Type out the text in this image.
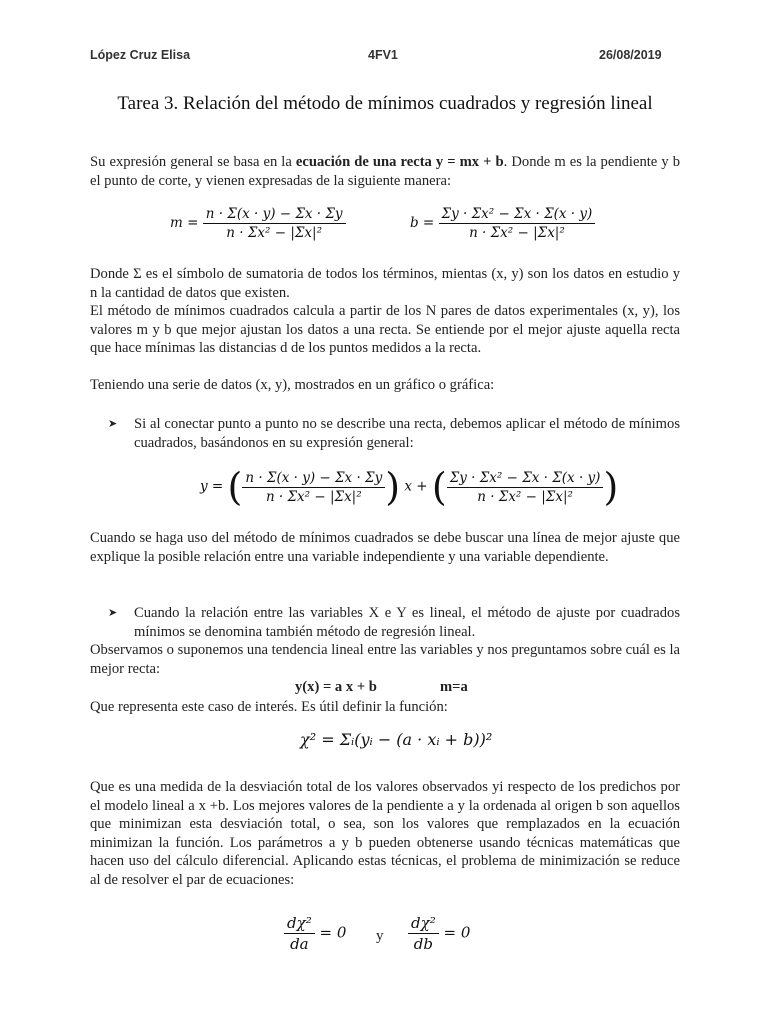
López Cruz Elisa	4FV1	26/08/2019
Tarea 3. Relación del método de mínimos cuadrados y regresión lineal
Su expresión general se basa en la ecuación de una recta y = mx + b. Donde m es la pendiente y b el punto de corte, y vienen expresadas de la siguiente manera:
$m = \frac{n \cdot \Sigma(x \cdot y) - \Sigma x \cdot \Sigma y}{\text{n · Σx² − |Σx|²}}$	$b = \frac{\text{Σy · Σx² − Σx · Σ(x · y)}}{\text{n · Σx² − |Σx|²}}$
Donde Σ es el símbolo de sumatoria de todos los términos, mientas (x, y) son los datos en estudio y n la cantidad de datos que existen.
El método de mínimos cuadrados calcula a partir de los N pares de datos experimentales (x, y), los valores m y b que mejor ajustan los datos a una recta. Se entiende por el mejor ajuste aquella recta que hace mínimas las distancias d de los puntos medidos a la recta.
Teniendo una serie de datos (x, y), mostrados en un gráfico o gráfica:
➤	Si al conectar punto a punto no se describe una recta, debemos aplicar el método de mínimos cuadrados, basándonos en su expresión general:
y = ( $\frac{n \cdot \Sigma(x \cdot y) - \Sigma x \cdot \Sigma y}{\text{n · Σx² − |Σx|²}}$ ) x + ( $\frac{\text{Σy · Σx² − Σx · Σ(x · y)}}{\text{n · Σx² − |Σx|²}}$ )
Cuando se haga uso del método de mínimos cuadrados se debe buscar una línea de mejor ajuste que explique la posible relación entre una variable independiente y una variable dependiente.
➤	Cuando la relación entre las variables X e Y es lineal, el método de ajuste por cuadrados mínimos se denomina también método de regresión lineal.
Observamos o suponemos una tendencia lineal entre las variables y nos preguntamos sobre cuál es la mejor recta:
y(x) = a x + b	m=a
Que representa este caso de interés. Es útil definir la función:
χ² = Σᵢ(yᵢ − (a · xᵢ + b))²
Que es una medida de la desviación total de los valores observados yi respecto de los predichos por el modelo lineal a x +b. Los mejores valores de la pendiente a y la ordenada al origen b son aquellos que minimizan esta desviación total, o sea, son los valores que remplazados en la ecuación minimizan la función. Los parámetros a y b pueden obtenerse usando técnicas matemáticas que hacen uso del cálculo diferencial. Aplicando estas técnicas, el problema de minimización se reduce al de resolver el par de ecuaciones:
$\frac{\text{dχ²}}{da} = 0$ y $\frac{\text{dχ²}}{db} = 0$
